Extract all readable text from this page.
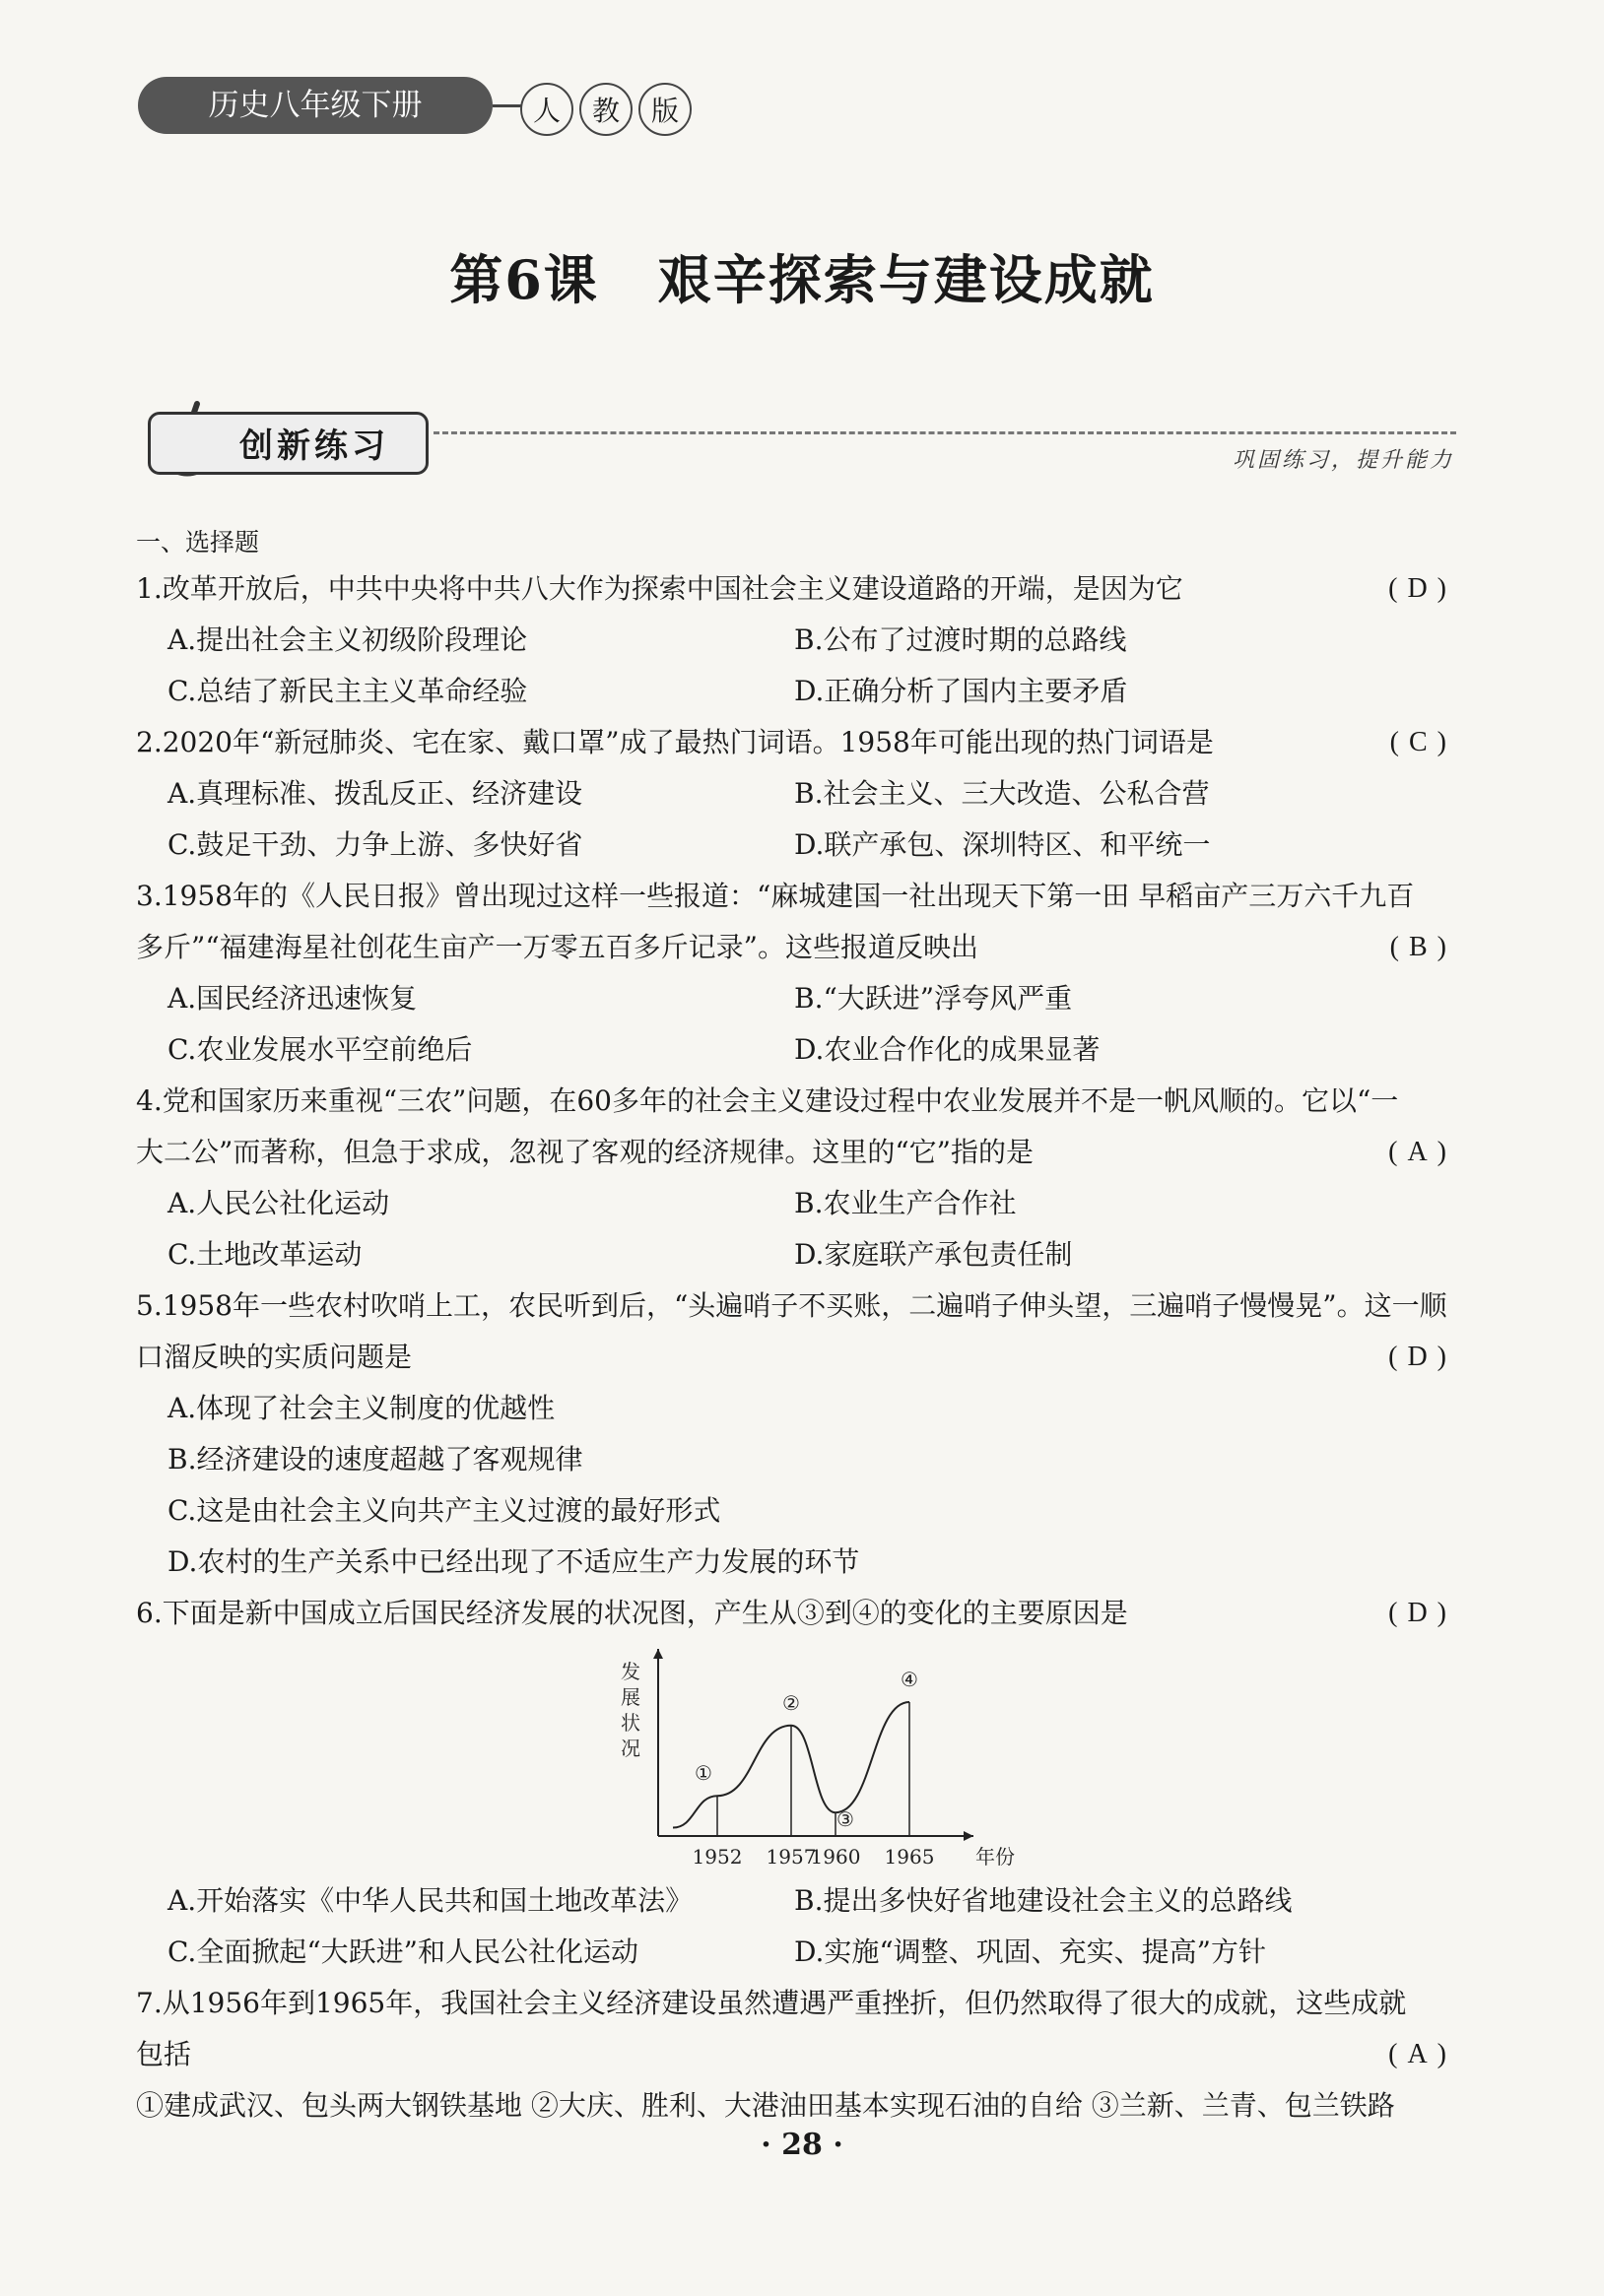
历史八年级下册	人	教	版
第6课 艰辛探索与建设成就
创新练习	巩固练习，提升能力
一、选择题
1.改革开放后，中共中央将中共八大作为探索中国社会主义建设道路的开端，是因为它	(D)
A.提出社会主义初级阶段理论	B.公布了过渡时期的总路线
C.总结了新民主主义革命经验	D.正确分析了国内主要矛盾
2.2020年“新冠肺炎、宅在家、戴口罩”成了最热门词语。1958年可能出现的热门词语是	(C)
A.真理标准、拨乱反正、经济建设	B.社会主义、三大改造、公私合营
C.鼓足干劲、力争上游、多快好省	D.联产承包、深圳特区、和平统一
3.1958年的《人民日报》曾出现过这样一些报道：“麻城建国一社出现天下第一田 早稻亩产三万六千九百
多斤”“福建海星社创花生亩产一万零五百多斤记录”。这些报道反映出	(B)
A.国民经济迅速恢复	B.“大跃进”浮夸风严重
C.农业发展水平空前绝后	D.农业合作化的成果显著
4.党和国家历来重视“三农”问题，在60多年的社会主义建设过程中农业发展并不是一帆风顺的。它以“一
大二公”而著称，但急于求成，忽视了客观的经济规律。这里的“它”指的是	(A)
A.人民公社化运动	B.农业生产合作社
C.土地改革运动	D.家庭联产承包责任制
5.1958年一些农村吹哨上工，农民听到后，“头遍哨子不买账，二遍哨子伸头望，三遍哨子慢慢晃”。这一顺
口溜反映的实质问题是	(D)
A.体现了社会主义制度的优越性
B.经济建设的速度超越了客观规律
C.这是由社会主义向共产主义过渡的最好形式
D.农村的生产关系中已经出现了不适应生产力发展的环节
6.下面是新中国成立后国民经济发展的状况图，产生从③到④的变化的主要原因是	(D)
发
展
状
况
1952 1957
1960 1965
①
②
③
④
年份
A.开始落实《中华人民共和国土地改革法》	B.提出多快好省地建设社会主义的总路线
C.全面掀起“大跃进”和人民公社化运动	D.实施“调整、巩固、充实、提高”方针
7.从1956年到1965年，我国社会主义经济建设虽然遭遇严重挫折，但仍然取得了很大的成就，这些成就
包括	(A)
①建成武汉、包头两大钢铁基地 ②大庆、胜利、大港油田基本实现石油的自给 ③兰新、兰青、包兰铁路
· 28 ·
